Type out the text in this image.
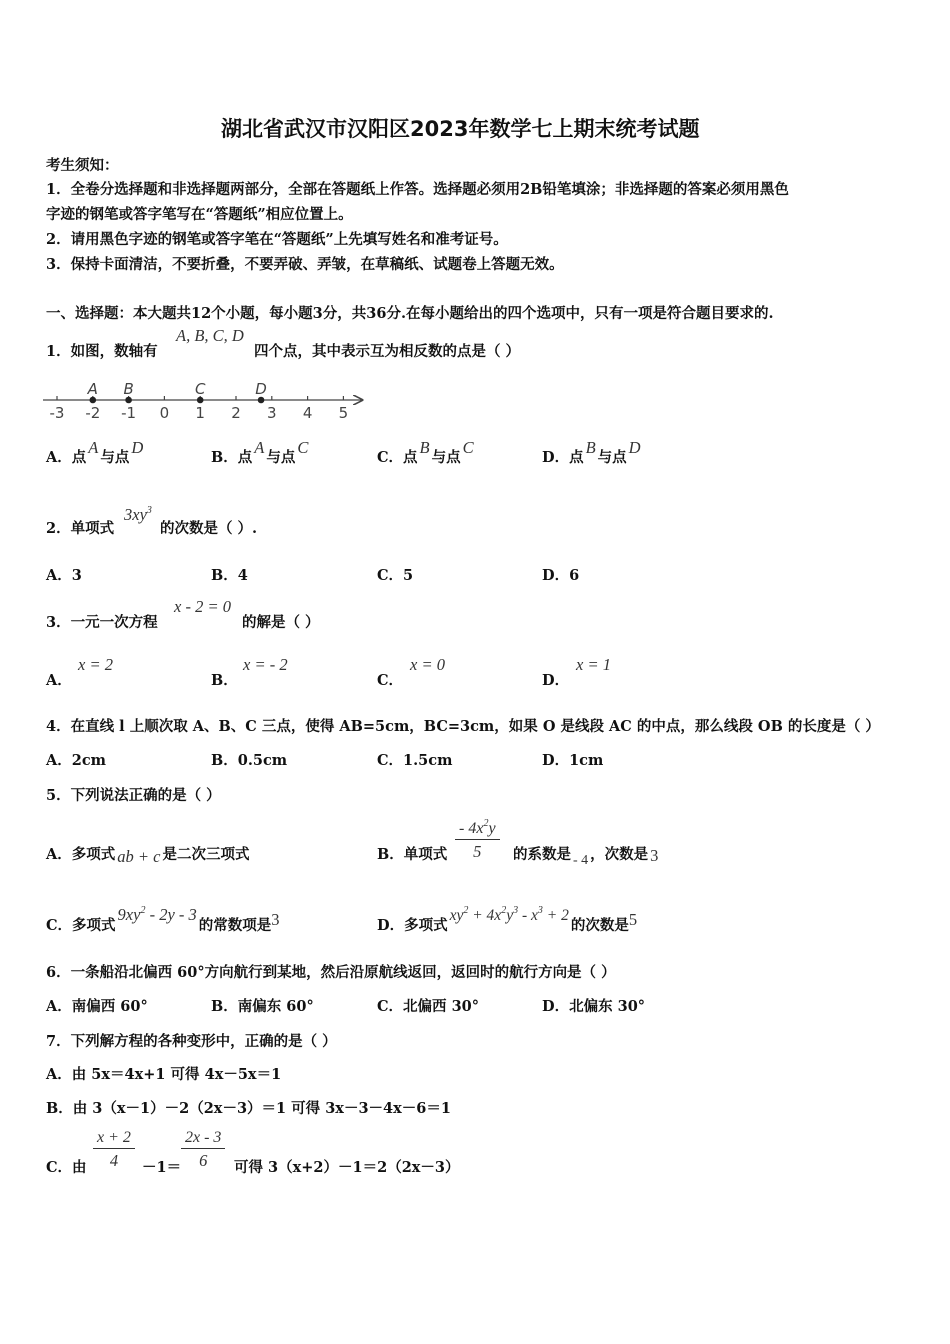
湖北省武汉市汉阳区2023年数学七上期末统考试题
考生须知：
1．全卷分选择题和非选择题两部分，全部在答题纸上作答。选择题必须用2B铅笔填涂；非选择题的答案必须用黑色
字迹的钢笔或答字笔写在“答题纸”相应位置上。
2．请用黑色字迹的钢笔或答字笔在“答题纸”上先填写姓名和准考证号。
3．保持卡面清洁，不要折叠，不要弄破、弄皱，在草稿纸、试题卷上答题无效。
一、选择题：本大题共12个小题，每小题3分，共36分.在每小题给出的四个选项中，只有一项是符合题目要求的.
1．如图，数轴有
A, B, C, D
四个点，其中表示互为相反数的点是（ ）
-3 -2 -1 0 1 2 3 4 5
A B	C	D
A．点A与点D
B．点A与点C
C．点B与点C
D．点B与点D
2．单项式
$3xy^3$
的次数是（ ）.
A．3	B．4	C．5	D．6
3．一元一次方程
x - 2 = 0
的解是（ ）
A．
x = 2
B．
x = - 2
C．
x = 0
D．
x = 1
4．在直线 l 上顺次取 A、B、C 三点，使得 AB=5cm，BC=3cm，如果 O 是线段 AC 的中点，那么线段 OB 的长度是（ ）
A．2cm	B．0.5cm	C．1.5cm	D．1cm
5．下列说法正确的是（ ）
A．多项式 ab + c 是二次三项式	B．单项式
- $4x^2y$
5	的系数是 - 4 ，次数是 3
C．多项式$9xy^2 - 2y - 3$的常数项是3	D．多项式$xy^2 + 4x^2y^3 - x^3 + 2$的次数是5
6．一条船沿北偏西 60°方向航行到某地，然后沿原航线返回，返回时的航行方向是（ ）
A．南偏西 60°	B．南偏东 60°	C．北偏西 30°	D．北偏东 30°
7．下列解方程的各种变形中，正确的是（ ）
A．由 5x＝4x+1 可得 4x－5x＝1
B．由 3（x－1）－2（2x－3）＝1 可得 3x－3－4x－6＝1
C．由
x + 2
4	－1＝
2x - 3
6	可得 3（x+2）－1＝2（2x－3）
